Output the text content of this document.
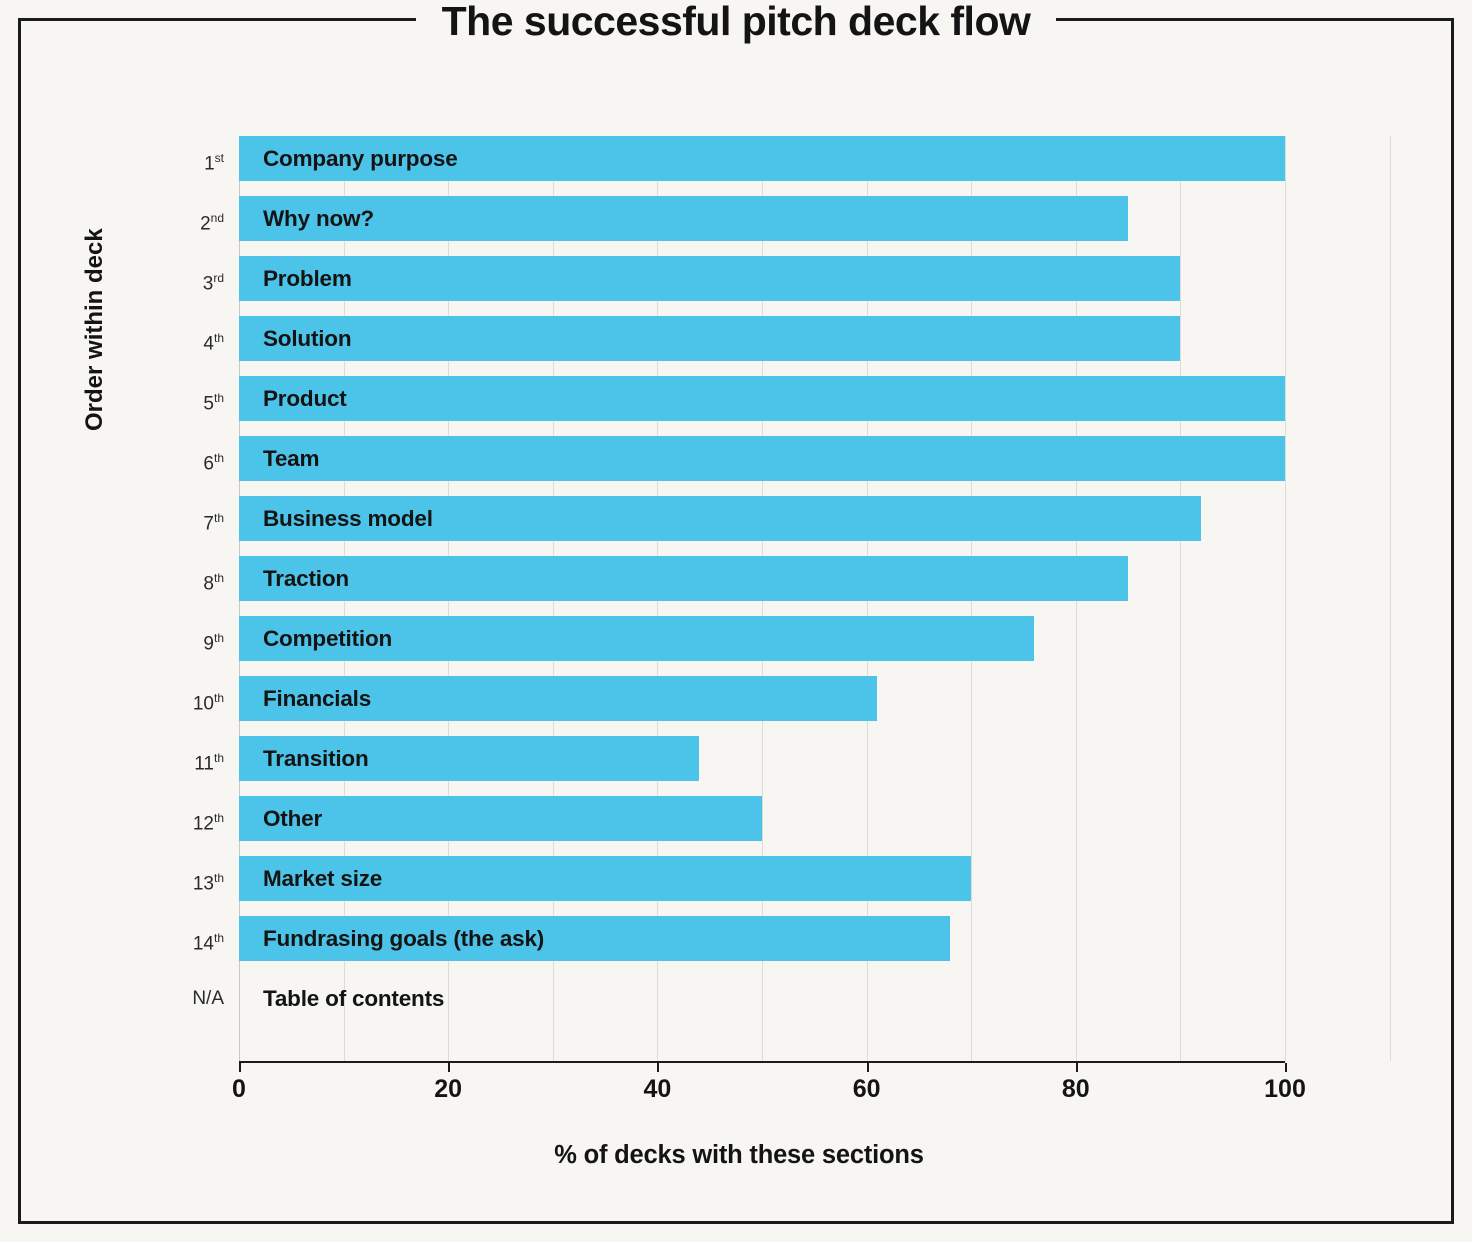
The successful pitch deck flow
Order within deck
Company purpose
1st
Why now?
2nd
Problem
3rd
Solution
4th
Product
5th
Team
6th
Business model
7th
Traction
8th
Competition
9th
Financials
10th
Transition
11th
Other
12th
Market size
13th
Fundrasing goals (the ask)
14th
Table of contents
N/A
0	20	40	60	80	100
% of decks with these sections
